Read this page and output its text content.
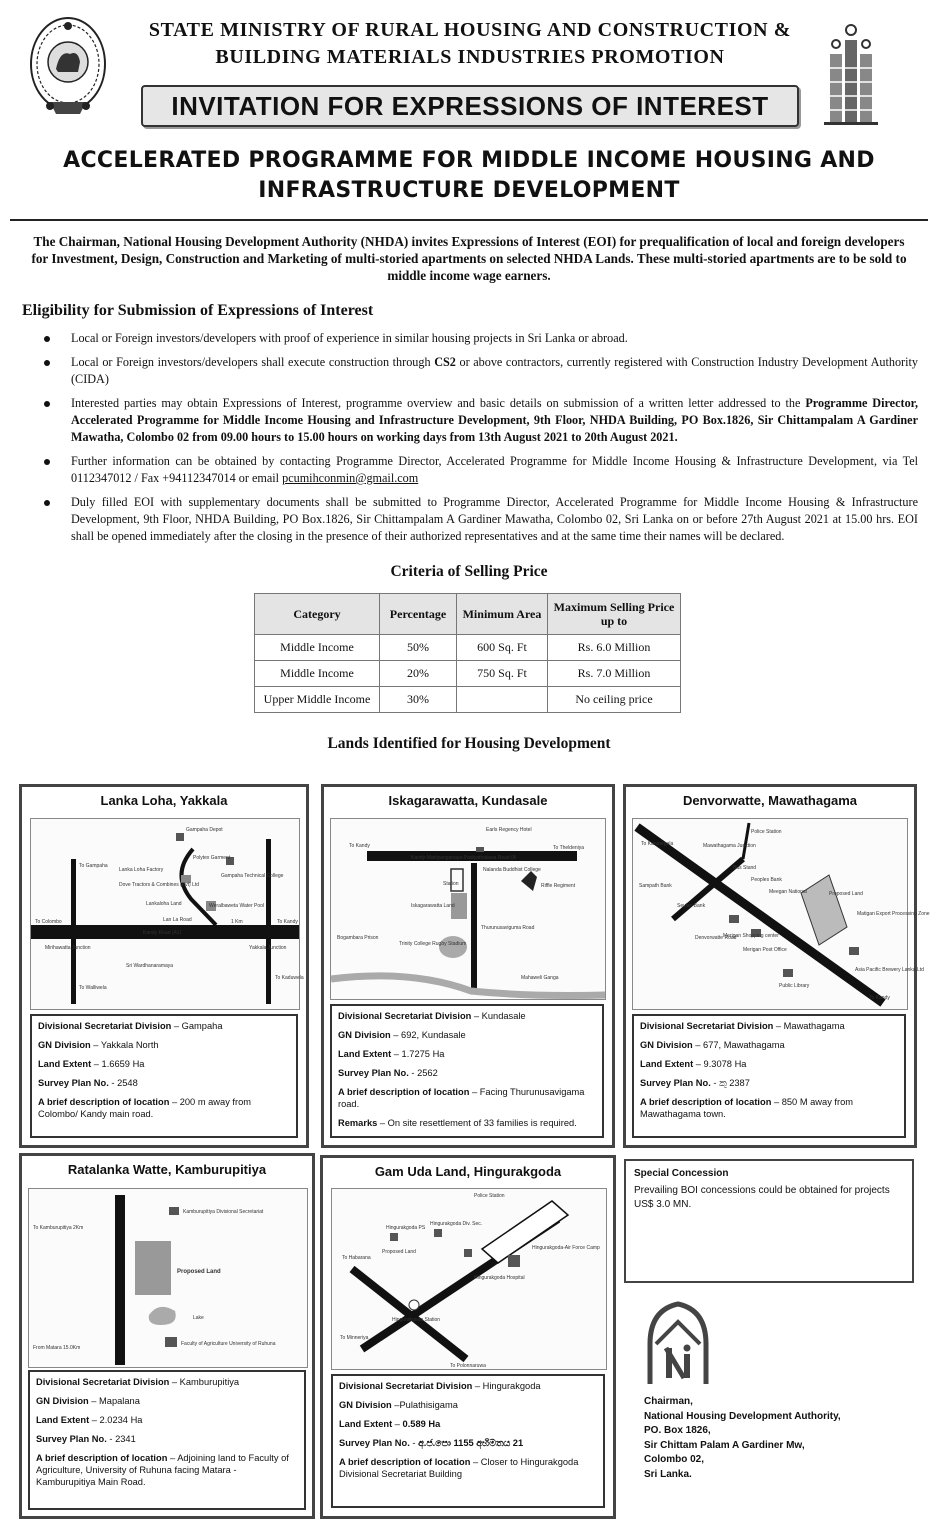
STATE MINISTRY OF RURAL HOUSING AND CONSTRUCTION &
BUILDING MATERIALS INDUSTRIES PROMOTION
INVITATION FOR EXPRESSIONS OF INTEREST
ACCELERATED PROGRAMME FOR MIDDLE INCOME HOUSING AND
INFRASTRUCTURE DEVELOPMENT
The Chairman, National Housing Development Authority (NHDA) invites Expressions of Interest (EOI) for prequalification of local and foreign developers for Investment, Design, Construction and Marketing of multi-storied apartments on selected NHDA Lands. These multi-storied apartments are to be sold to middle income wage earners.
Eligibility for Submission of Expressions of Interest
Local or Foreign investors/developers with proof of experience in similar housing projects in Sri Lanka or abroad.
Local or Foreign investors/developers shall execute construction through CS2 or above contractors, currently registered with Construction Industry Development Authority (CIDA)
Interested parties may obtain Expressions of Interest, programme overview and basic details on submission of a written letter addressed to the Programme Director, Accelerated Programme for Middle Income Housing and Infrastructure Development, 9th Floor, NHDA Building, PO Box.1826, Sir Chittampalam A Gardiner Mawatha, Colombo 02 from 09.00 hours to 15.00 hours on working days from 13th August 2021 to 20th August 2021.
Further information can be obtained by contacting Programme Director, Accelerated Programme for Middle Income Housing & Infrastructure Development, via Tel 0112347012 / Fax +94112347014 or email pcumihconmin@gmail.com
Duly filled EOI with supplementary documents shall be submitted to Programme Director, Accelerated Programme for Middle Income Housing & Infrastructure Development, 9th Floor, NHDA Building, PO Box.1826, Sir Chittampalam A Gardiner Mawatha, Colombo 02, Sri Lanka on or before 27th August 2021 at 15.00 hrs. EOI shall be opened immediately after the closing in the presence of their authorized representatives and at the same time their names will be declared.
Criteria of Selling Price
Category	Percentage	Minimum Area	Maximum Selling Price up to
Middle Income	50%	600 Sq. Ft	Rs. 6.0 Million
Middle Income	20%	750 Sq. Ft	Rs. 7.0 Million
Upper Middle Income	30%		No ceiling price
Lands Identified for Housing Development
Lanka Loha, Yakkala
Gampaha Depot
Lanka Loha Factory
Dove Tractors & Combines (Pvt) Ltd
Polytex Garment
Gampaha Technical College
Lankaloha Land
Lan La Road
Weralbaweta Water Pool
Kandy Road (A1)
To Colombo	To Kandy
Mirihawatta Junction	Yakkala Junction
Sri Wardhanaramaya
To Gampaha
To Walliwela
To Kaduwela
1 Km

Divisional Secretariat Division – Gampaha

GN Division – Yakkala North

Land Extent – 1.6659 Ha

Survey Plan No. - 2548

A brief description of location – 200 m away from Colombo/ Kandy main road.

Iskagarawatta, Kundasale
Earls Regency Hotel
To Kandy	To Theldeniya
Kandy-Mahiyanganaya-Padiyathalawa Road (A
Nalanda Buddhist College
Riffle Regiment
Iskagarawatta Land
Bogambara Prison
Trinity College Rugby Stadium
Thurunusaviguma Road
Mahaweli Ganga
Station

Divisional Secretariat Division – Kundasale

GN Division – 692, Kundasale

Land Extent – 1.7275 Ha

Survey Plan No. - 2562

A brief description of location – Facing Thurunusavigama road.

Remarks – On site resettlement of 33 families is required.

Denvorwatte, Mawathagama
To Kurunegala
Police Station
Mawathagama Junction
Sampath Bank
Seylan Bank
Bus Stand
Peoples Bank
Meegan National	Proposed Land
Matigan Export Processing Zone
Merigan Shopping center
Merigan Post Office
Public Library
Asia Pacific Brewery Lanka Ltd
To Kandy
Denvorwatte Road

Divisional Secretariat Division – Mawathagama

GN Division – 677, Mawathagama

Land Extent – 9.3078 Ha

Survey Plan No. - කු 2387

A brief description of location – 850 M away from Mawathagama town.

Ratalanka Watte, Kamburupitiya
Kamburupitiya Divisional Secretariat
Proposed Land
Lake
Faculty of Agriculture University of Ruhuna
To Kamburupitiya 2Km
From Matara 15.0Km

Divisional Secretariat Division – Kamburupitiya

GN Division – Mapalana

Land Extent – 2.0234 Ha

Survey Plan No. - 2341

A brief description of location – Adjoining land to Faculty of Agriculture, University of Ruhuna facing Matara - Kamburupitiya Main Road.

Gam Uda Land, Hingurakgoda
Police Station
Hingurakgoda PS
Hingurakgoda Div. Sec.
Proposed Land
Hingurakgoda Hospital
Hingurakgoda Station
To Habarana
To Minneriya
To Polonnaruwa
Hingurakgoda-Air Force Camp

Divisional Secretariat Division – Hingurakgoda

GN Division –Pulathisigama

Land Extent – 0.589 Ha

Survey Plan No. - අ.ජ.පො 1155 අභිමතය 21

A brief description of location – Closer to Hingurakgoda Divisional Secretariat Building

Special Concession
Prevailing BOI concessions could be obtained for projects US$ 3.0 MN.
Chairman,
National Housing Development Authority,
PO. Box 1826,
Sir Chittam Palam A Gardiner Mw,
Colombo 02,
Sri Lanka.
